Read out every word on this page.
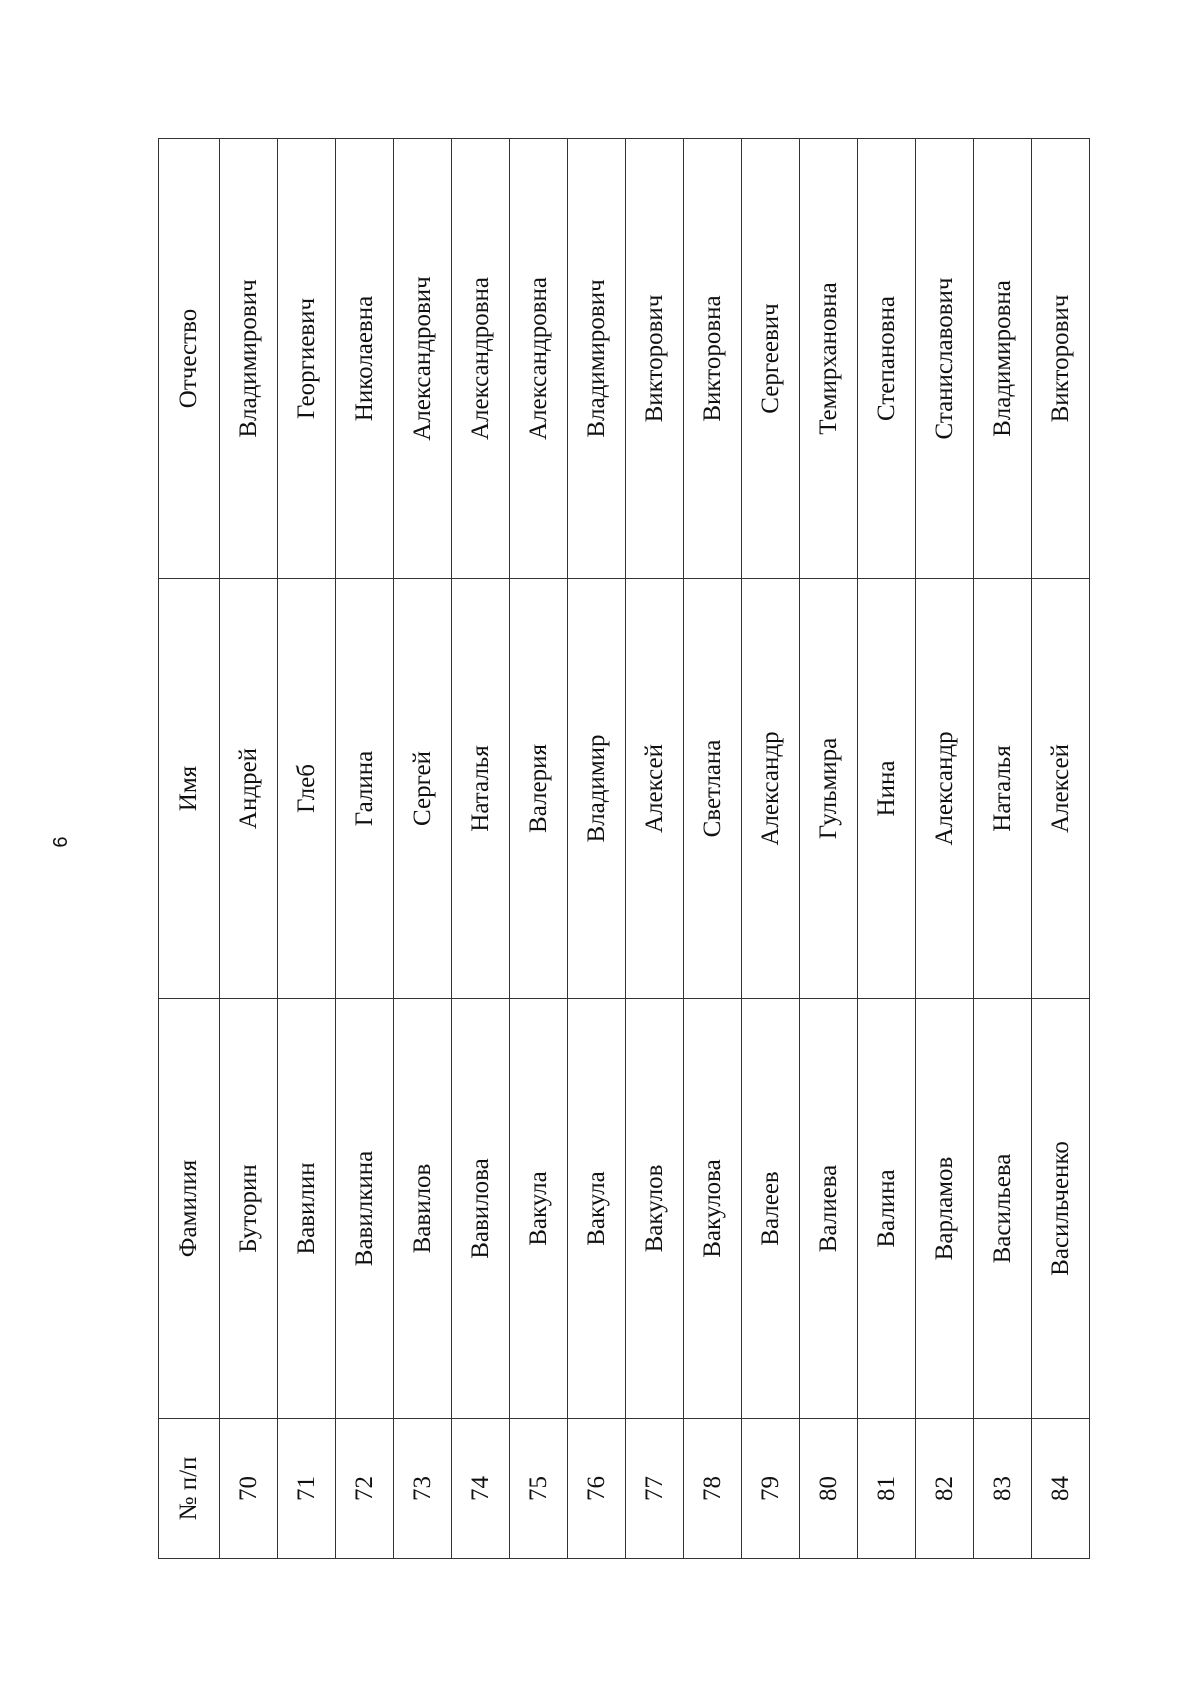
6
№ п/п	Фамилия	Имя	Отчество
70	Буторин	Андрей	Владимирович
71	Вавилин	Глеб	Георгиевич
72	Вавилкина	Галина	Николаевна
73	Вавилов	Сергей	Александрович
74	Вавилова	Наталья	Александровна
75	Вакула	Валерия	Александровна
76	Вакула	Владимир	Владимирович
77	Вакулов	Алексей	Викторович
78	Вакулова	Светлана	Викторовна
79	Валеев	Александр	Сергеевич
80	Валиева	Гульмира	Темирхановна
81	Валина	Нина	Степановна
82	Варламов	Александр	Станиславович
83	Васильева	Наталья	Владимировна
84	Васильченко	Алексей	Викторович
